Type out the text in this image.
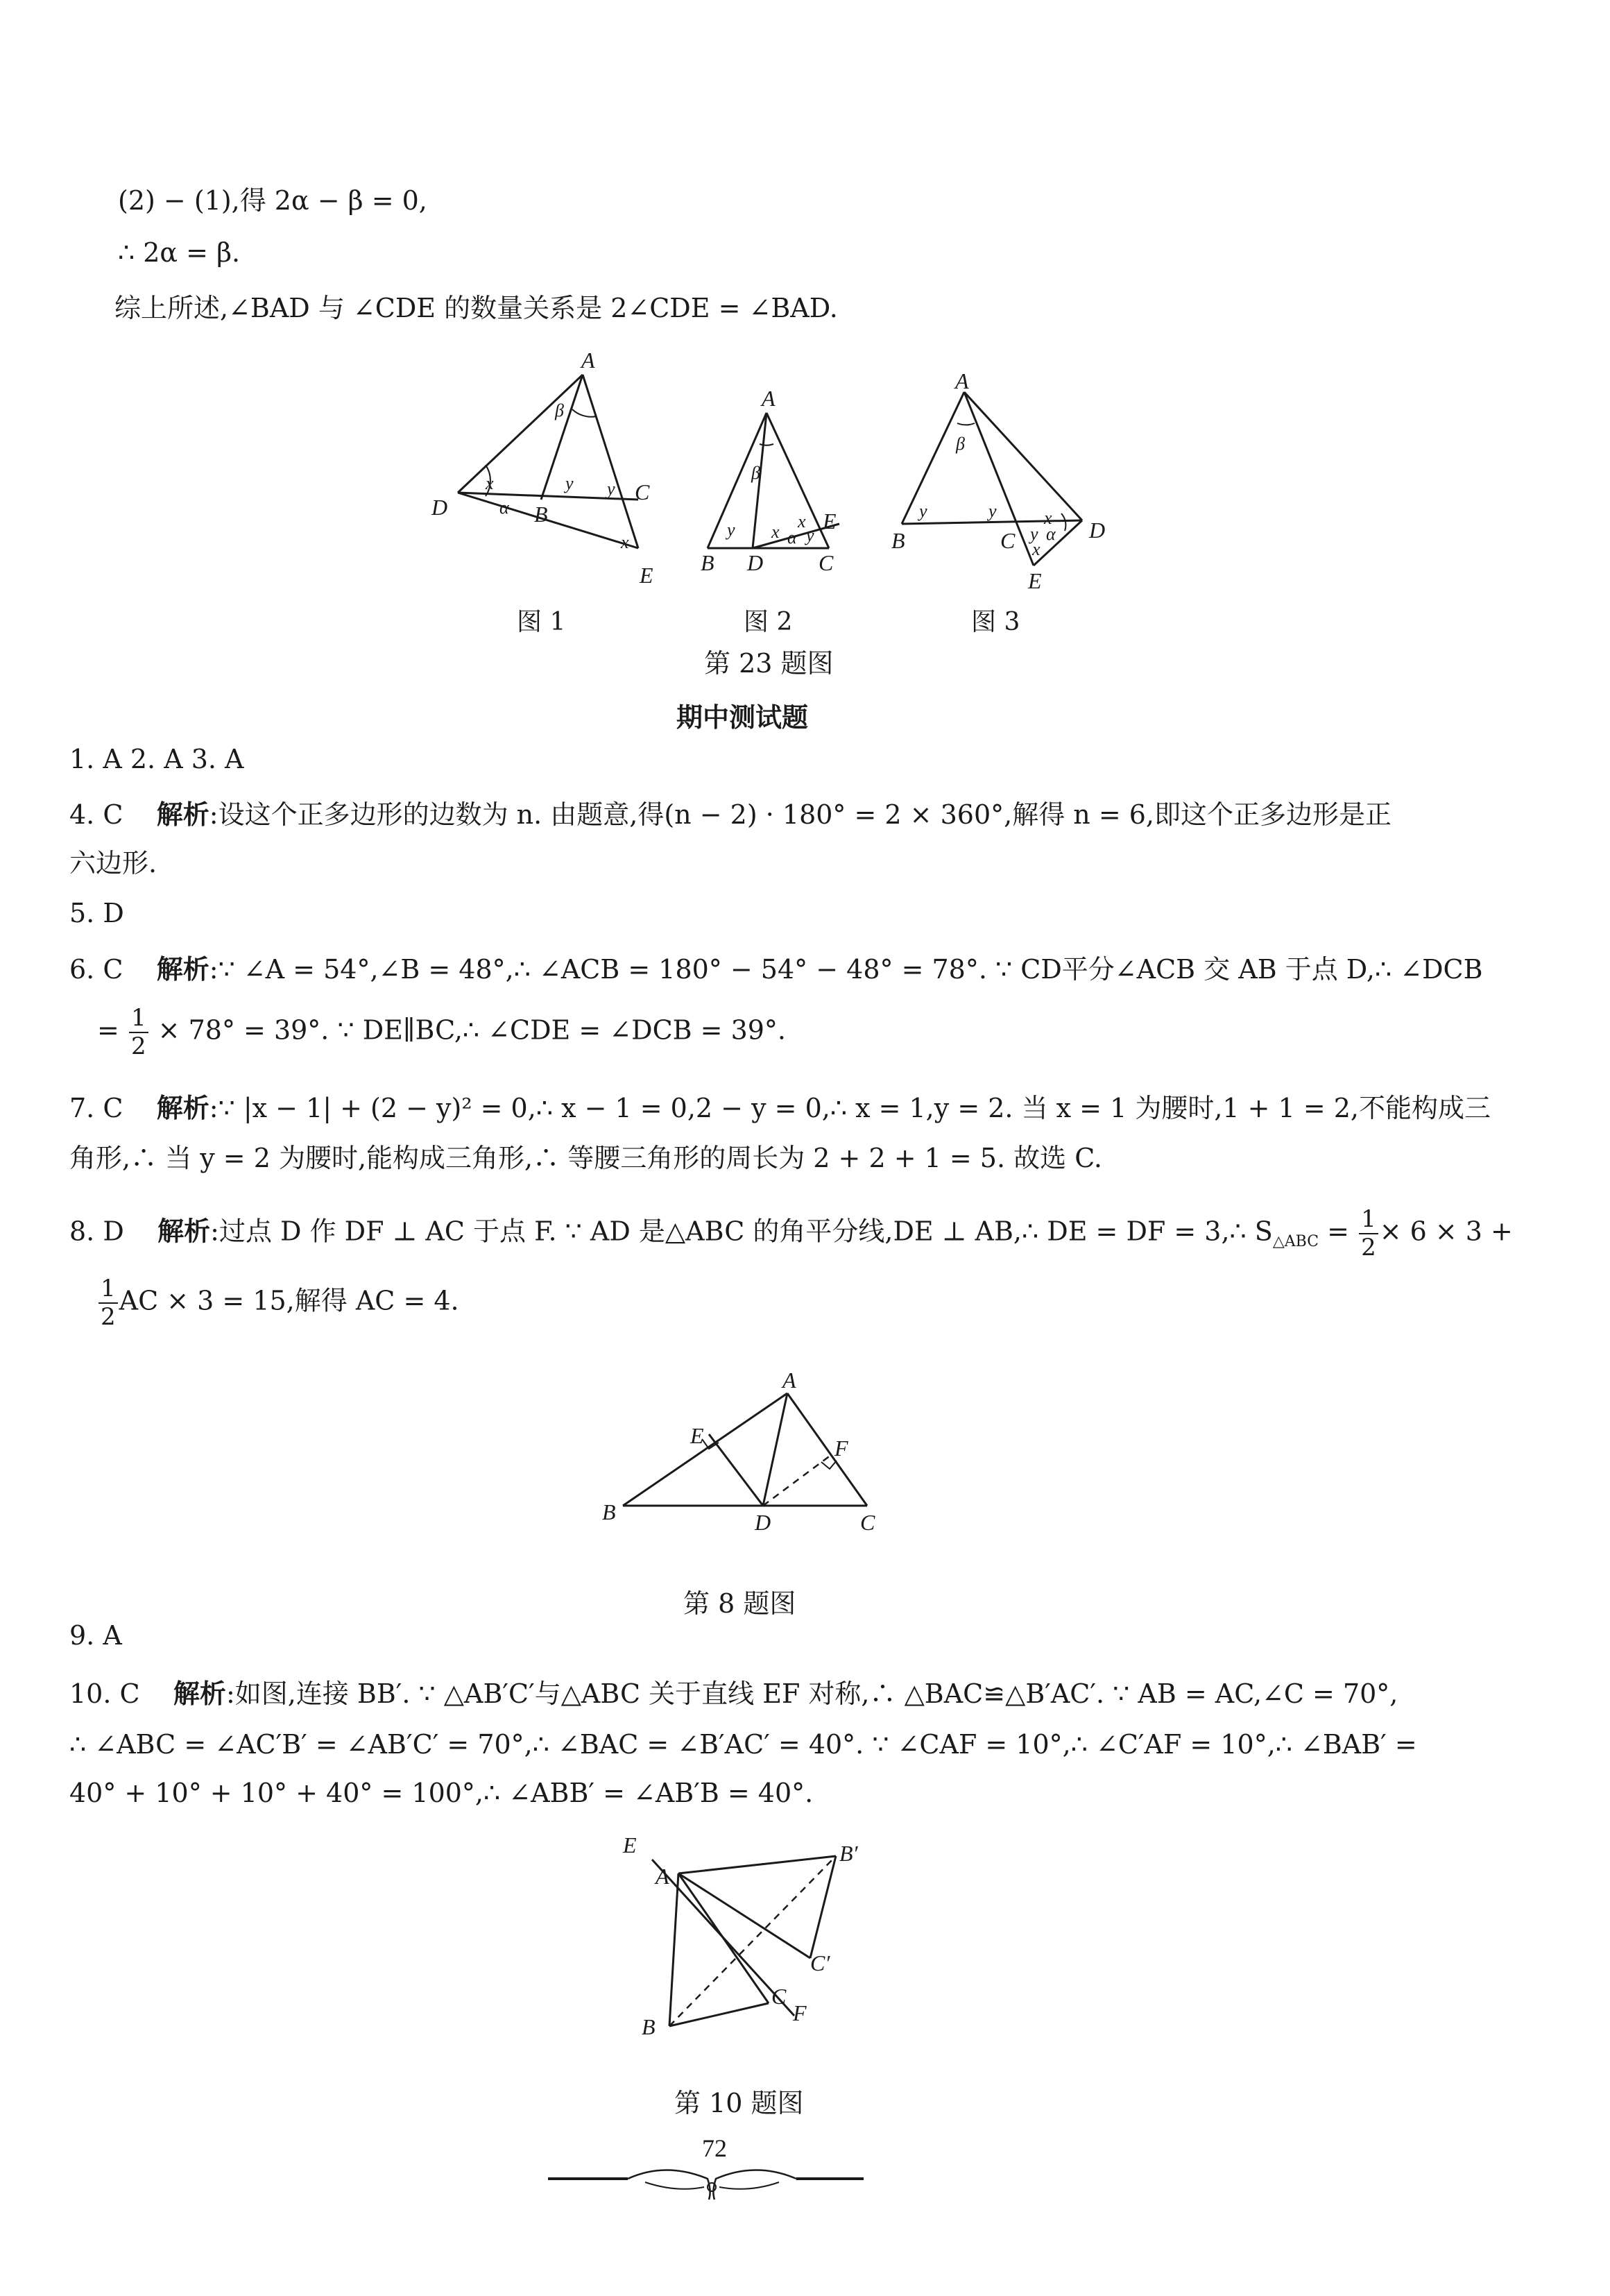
(2) − (1),得 2α − β = 0,
∴ 2α = β.
综上所述,∠BAD 与 ∠CDE 的数量关系是 2∠CDE = ∠BAD.
A
D	B
C
E
β
x
α
y y
x
A
B D C
E
β
y x α
x
y
A
B	C	D
E
β
y	y	x
y α
x
图 1	图 2	图 3
第 23 题图
期中测试题
1. A 2. A 3. A
4. C 解析:设这个正多边形的边数为 n. 由题意,得(n − 2) · 180° = 2 × 360°,解得 n = 6,即这个正多边形是正
六边形.
5. D
6. C 解析:∵ ∠A = 54°,∠B = 48°,∴ ∠ACB = 180° − 54° − 48° = 78°. ∵ CD平分∠ACB 交 AB 于点 D,∴ ∠DCB
= $\frac{1}{2} \times 78^\circ = 39^\circ$. ∵ DE∥BC,∴ ∠CDE = ∠DCB = 39°.
7. C 解析:∵ |x − 1| + (2 − y)² = 0,∴ x − 1 = 0,2 − y = 0,∴ x = 1,y = 2. 当 x = 1 为腰时,1 + 1 = 2,不能构成三
角形,∴ 当 y = 2 为腰时,能构成三角形,∴ 等腰三角形的周长为 2 + 2 + 1 = 5. 故选 C.
8. D 解析:过点 D 作 DF ⊥ AC 于点 F. ∵ AD 是△ABC 的角平分线,DE ⊥ AB,∴ DE = DF = 3,∴ $S_{\triangle ABC} = \frac{1}{2} \times 6 \times 3$ +
$\frac{1}{2}$ AC × 3 = 15,解得 AC = 4.
A
E	F
B	D	C
第 8 题图
9. A
10. C 解析:如图,连接 BB′. ∵ △AB′C′与△ABC 关于直线 EF 对称,∴ △BAC≌△B′AC′. ∵ AB = AC,∠C = 70°,
∴ ∠ABC = ∠AC′B′ = ∠AB′C′ = 70°,∴ ∠BAC = ∠B′AC′ = 40°. ∵ ∠CAF = 10°,∴ ∠C′AF = 10°,∴ ∠BAB′ =
40° + 10° + 10° + 40° = 100°,∴ ∠ABB′ = ∠AB′B = 40°.
E
A
B′
C′
C
F
B
第 10 题图
72
